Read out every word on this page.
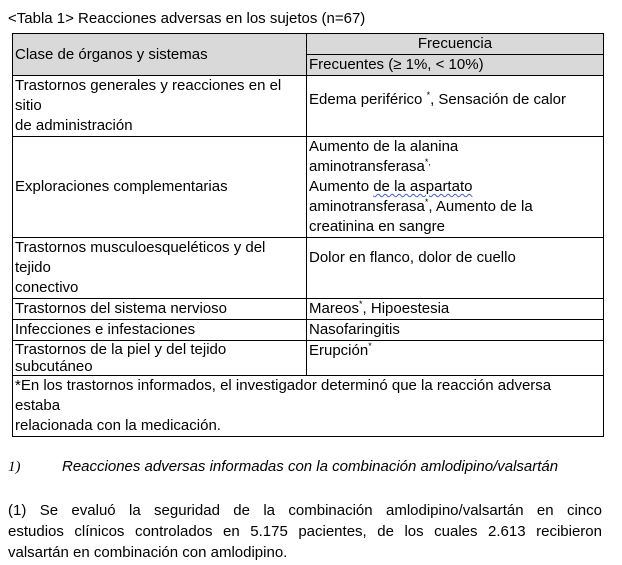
<Tabla 1> Reacciones adversas en los sujetos (n=67)
Clase de órganos y sistemas	Frecuencia
	Frecuentes (≥ 1%, < 10%)

Trastornos generales y reacciones en el
sitio
de administración	Edema periférico *, Sensación de calor

Exploraciones complementarias	Aumento de la alanina
aminotransferasa*,
Aumento de la aspartato
aminotransferasa*, Aumento de la
creatinina en sangre

Trastornos musculoesqueléticos y del
tejido
conectivo	Dolor en flanco, dolor de cuello

Trastornos del sistema nervioso	Mareos*, Hipoestesia
Infecciones e infestaciones	Nasofaringitis

Trastornos de la piel y del tejido
subcutáneo	Erupción*

*En los trastornos informados, el investigador determinó que la reacción adversa
estaba
relacionada con la medicación.	
1)	Reacciones adversas informadas con la combinación amlodipino/valsartán
(1) Se evaluó la seguridad de la combinación amlodipino/valsartán en cinco
estudios clínicos controlados en 5.175 pacientes, de los cuales 2.613 recibieron
valsartán en combinación con amlodipino.
